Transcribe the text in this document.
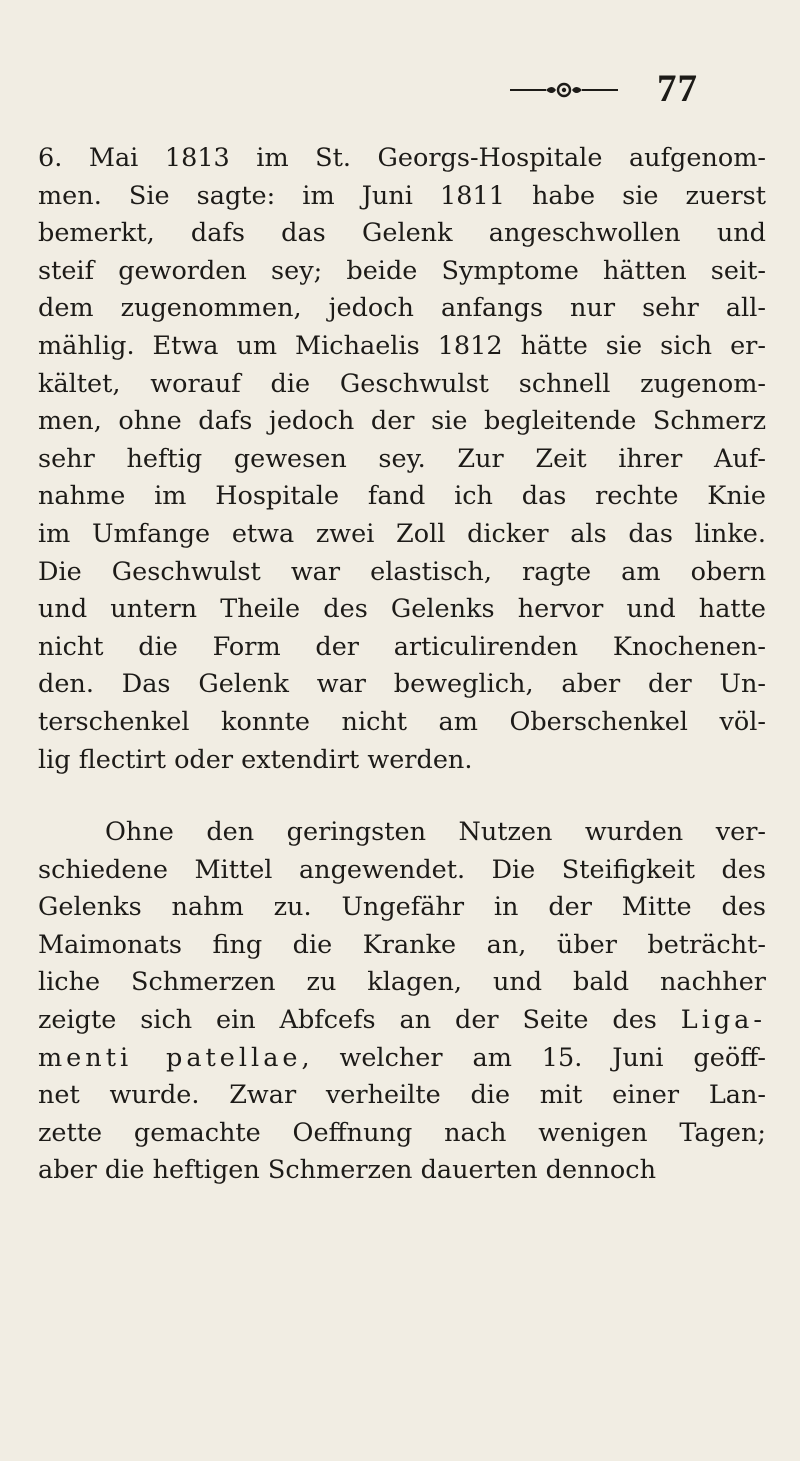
77
6. Mai 1813 im St. Georgs-Hospitale aufgenom-
men. Sie sagte: im Juni 1811 habe sie zuerst
bemerkt, dafs das Gelenk angeschwollen und
steif geworden sey; beide Symptome hätten seit-
dem zugenommen, jedoch anfangs nur sehr all-
mählig. Etwa um Michaelis 1812 hätte sie sich er-
kältet, worauf die Geschwulst schnell zugenom-
men, ohne dafs jedoch der sie begleitende Schmerz
sehr heftig gewesen sey. Zur Zeit ihrer Auf-
nahme im Hospitale fand ich das rechte Knie
im Umfange etwa zwei Zoll dicker als das linke.
Die Geschwulst war elastisch, ragte am obern
und untern Theile des Gelenks hervor und hatte
nicht die Form der articulirenden Knochenen-
den. Das Gelenk war beweglich, aber der Un-
terschenkel konnte nicht am Oberschenkel völ-
lig flectirt oder extendirt werden.
Ohne den geringsten Nutzen wurden ver-
schiedene Mittel angewendet. Die Steifigkeit des
Gelenks nahm zu. Ungefähr in der Mitte des
Maimonats fing die Kranke an, über beträcht-
liche Schmerzen zu klagen, und bald nachher
zeigte sich ein Abfcefs an der Seite des Liga-
menti patellae, welcher am 15. Juni geöff-
net wurde. Zwar verheilte die mit einer Lan-
zette gemachte Oeffnung nach wenigen Tagen;
aber die heftigen Schmerzen dauerten dennoch
